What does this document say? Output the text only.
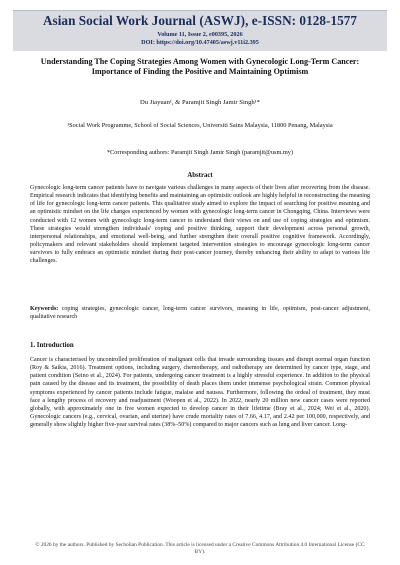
Asian Social Work Journal (ASWJ), e-ISSN: 0128-1577
Volume 11, Issue 2, e00395, 2026
DOI: https://doi.org/10.47405/aswj.v11i2.395
Understanding The Coping Strategies Among Women with Gynecologic Long-Term Cancer: Importance of Finding the Positive and Maintaining Optimism
Du Jiayuan¹, & Paramjit Singh Jamir Singh¹*
¹Social Work Programme, School of Social Sciences, Universiti Sains Malaysia, 11800 Penang, Malaysia
*Corresponding authors: Paramjit Singh Jamir Singh (paramjit@usm.my)
Abstract
Gynecologic long-term cancer patients have to navigate various challenges in many aspects of their lives after recovering from the disease. Empirical research indicates that identifying benefits and maintaining an optimistic outlook are highly helpful in reconstructing the meaning of life for gynecologic long-term cancer patients. This qualitative study aimed to explore the impact of searching for positive meaning and an optimistic mindset on the life changes experienced by women with gynecologic long-term cancer in Chongqing, China. Interviews were conducted with 12 women with gynecologic long-term cancer to understand their views on and use of coping strategies and optimism. These strategies would strengthen individuals' coping and positive thinking, support their development across personal growth, interpersonal relationships, and emotional well-being, and further strengthen their overall positive cognitive framework. Accordingly, policymakers and relevant stakeholders should implement targeted intervention strategies to encourage gynecologic long-term cancer survivors to fully embrace an optimistic mindset during their post-cancer journey, thereby enhancing their ability to adapt to various life challenges.
Keywords: coping strategies, gynecologic cancer, long-term cancer survivors, meaning in life, optimism, post-cancer adjustment, qualitative research
1. Introduction
Cancer is characterised by uncontrolled proliferation of malignant cells that invade surrounding tissues and disrupt normal organ function (Roy & Saikia, 2016). Treatment options, including surgery, chemotherapy, and radiotherapy are determined by cancer type, stage, and patient condition (Seino et al., 2024). For patients, undergoing cancer treatment is a highly stressful experience. In addition to the physical pain caused by the disease and its treatment, the possibility of death places them under immense psychological strain. Common physical symptoms experienced by cancer patients include fatigue, malaise and nausea. Furthermore, following the ordeal of treatment, they must face a lengthy process of recovery and readjustment (Woopen et al., 2022). In 2022, nearly 20 million new cancer cases were reported globally, with approximately one in five women expected to develop cancer in their lifetime (Bray et al., 2024; Wei et al., 2020). Gynecologic cancers (e.g., cervical, ovarian, and uterine) have crude mortality rates of 7.66, 4.17, and 2.42 per 100,000, respectively, and generally show slightly higher five-year survival rates (38%–50%) compared to major cancers such as lung and liver cancer. Long-
© 2026 by the authors. Published by Secholian Publication. This article is licensed under a Creative Commons Attribution 4.0 International License (CC BY).
